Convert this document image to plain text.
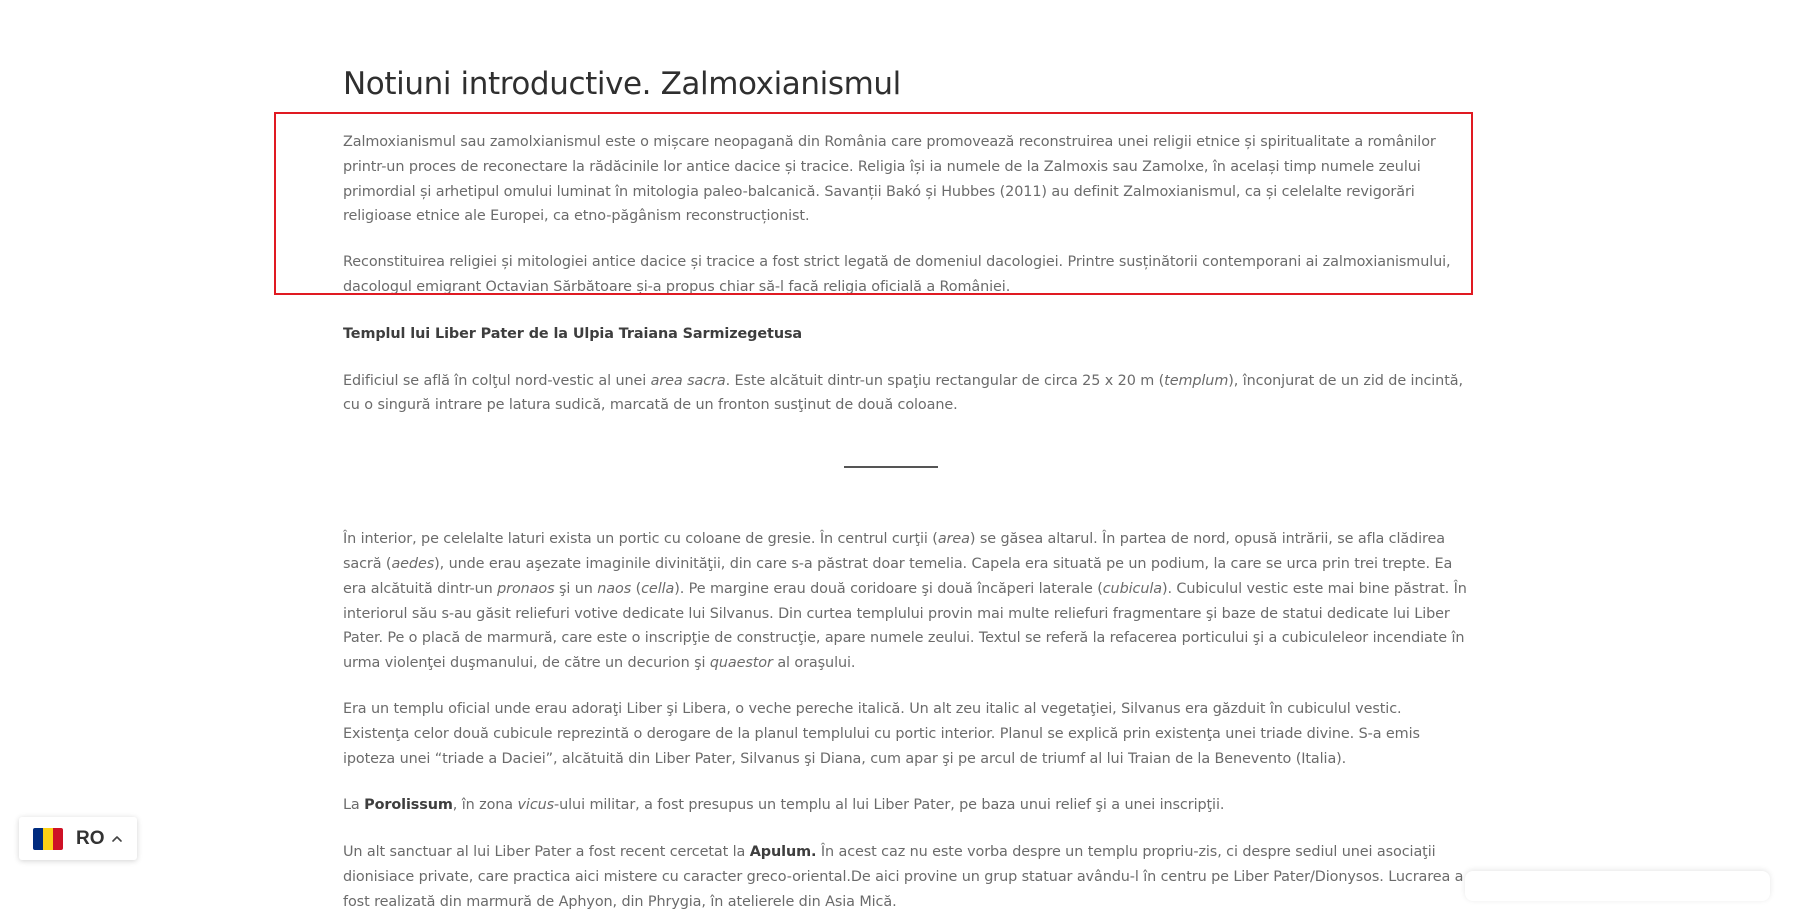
Notiuni introductive. Zalmoxianismul

Zalmoxianismul sau zamolxianismul este o mișcare neopagană din România care promovează reconstruirea unei religii etnice și spiritualitate a românilor printr-un proces de reconectare la rădăcinile lor antice dacice și tracice. Religia își ia numele de la Zalmoxis sau Zamolxe, în același timp numele zeului primordial și arhetipul omului luminat în mitologia paleo-balcanică. Savanții Bakó și Hubbes (2011) au definit Zalmoxianismul, ca și celelalte revigorări religioase etnice ale Europei, ca etno-păgânism reconstrucționist.

Reconstituirea religiei și mitologiei antice dacice și tracice a fost strict legată de domeniul dacologiei. Printre susținătorii contemporani ai zalmoxianismului, dacologul emigrant Octavian Sărbătoare și-a propus chiar să-l facă religia oficială a României.

Templul lui Liber Pater de la Ulpia Traiana Sarmizegetusa

Edificiul se află în colţul nord-vestic al unei area sacra. Este alcătuit dintr-un spaţiu rectangular de circa 25 x 20 m (templum), înconjurat de un zid de incintă, cu o singură intrare pe latura sudică, marcată de un fronton susţinut de două coloane.

În interior, pe celelalte laturi exista un portic cu coloane de gresie. În centrul curţii (area) se găsea altarul. În partea de nord, opusă intrării, se afla clădirea sacră (aedes), unde erau aşezate imaginile divinităţii, din care s-a păstrat doar temelia. Capela era situată pe un podium, la care se urca prin trei trepte. Ea era alcătuită dintr-un pronaos şi un naos (cella). Pe margine erau două coridoare şi două încăperi laterale (cubicula). Cubiculul vestic este mai bine păstrat. În interiorul său s-au găsit reliefuri votive dedicate lui Silvanus. Din curtea templului provin mai multe reliefuri fragmentare şi baze de statui dedicate lui Liber Pater. Pe o placă de marmură, care este o inscripţie de construcţie, apare numele zeului. Textul se referă la refacerea porticului şi a cubiculeleor incendiate în urma violenţei duşmanului, de către un decurion şi quaestor al oraşului.

Era un templu oficial unde erau adoraţi Liber şi Libera, o veche pereche italică. Un alt zeu italic al vegetaţiei, Silvanus era găzduit în cubiculul vestic. Existenţa celor două cubicule reprezintă o derogare de la planul templului cu portic interior. Planul se explică prin existenţa unei triade divine. S-a emis ipoteza unei “triade a Daciei”, alcătuită din Liber Pater, Silvanus şi Diana, cum apar şi pe arcul de triumf al lui Traian de la Benevento (Italia).

La Porolissum, în zona vicus-ului militar, a fost presupus un templu al lui Liber Pater, pe baza unui relief şi a unei inscripţii.

Un alt sanctuar al lui Liber Pater a fost recent cercetat la Apulum. În acest caz nu este vorba despre un templu propriu-zis, ci despre sediul unei asociaţii dionisiace private, care practica aici mistere cu caracter greco-oriental.De aici provine un grup statuar avându-l în centru pe Liber Pater/Dionysos. Lucrarea a fost realizată din marmură de Aphyon, din Phrygia, în atelierele din Asia Mică.

RO
